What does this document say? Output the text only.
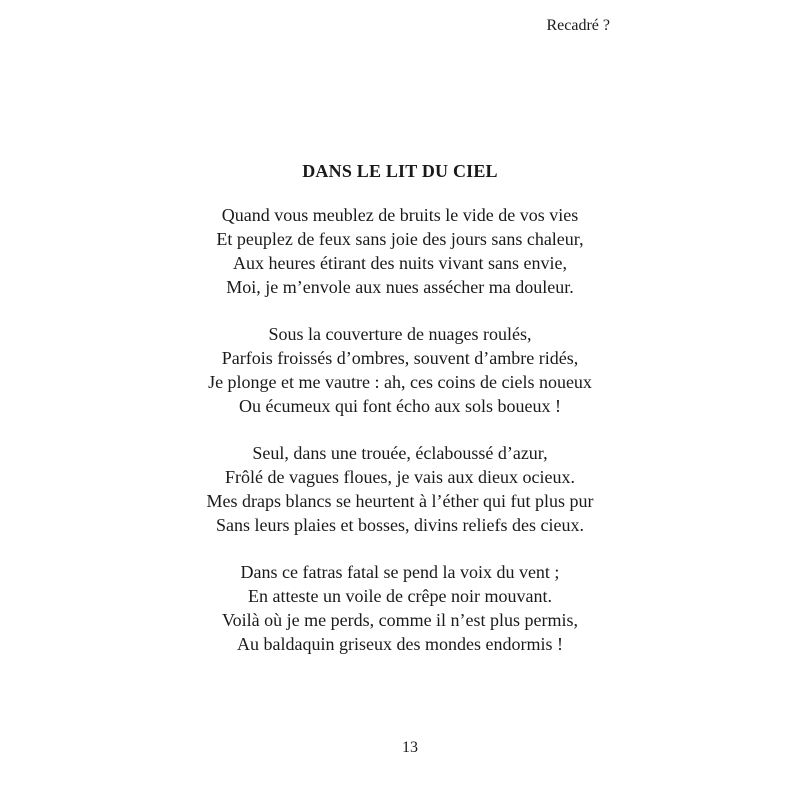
Recadré ?
DANS LE LIT DU CIEL
Quand vous meublez de bruits le vide de vos vies
Et peuplez de feux sans joie des jours sans chaleur,
Aux heures étirant des nuits vivant sans envie,
Moi, je m’envole aux nues assécher ma douleur.
Sous la couverture de nuages roulés,
Parfois froissés d’ombres, souvent d’ambre ridés,
Je plonge et me vautre : ah, ces coins de ciels noueux
Ou écumeux qui font écho aux sols boueux !
Seul, dans une trouée, éclaboussé d’azur,
Frôlé de vagues floues, je vais aux dieux ocieux.
Mes draps blancs se heurtent à l’éther qui fut plus pur
Sans leurs plaies et bosses, divins reliefs des cieux.
Dans ce fatras fatal se pend la voix du vent ;
En atteste un voile de crêpe noir mouvant.
Voilà où je me perds, comme il n’est plus permis,
Au baldaquin griseux des mondes endormis !
13
